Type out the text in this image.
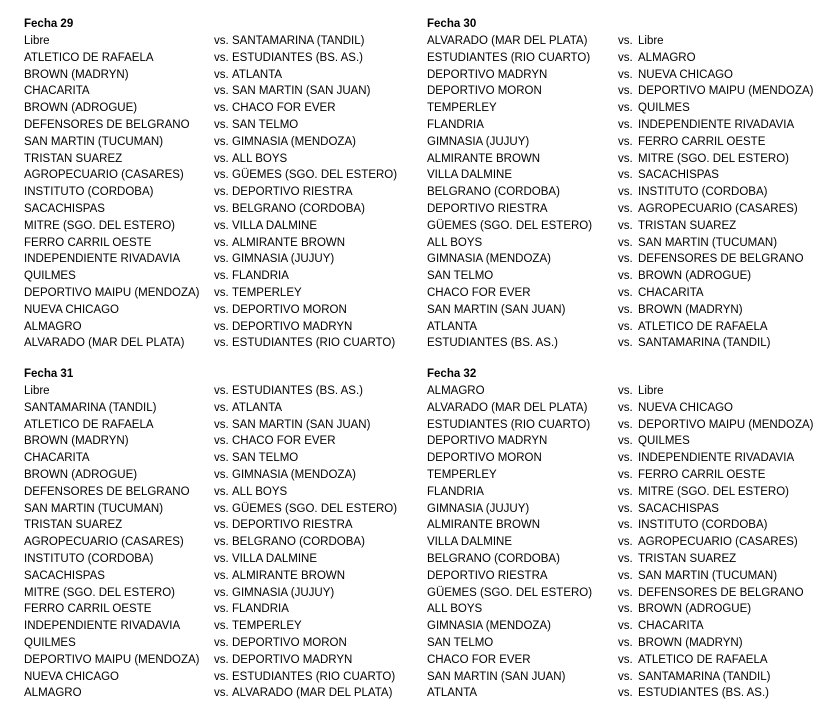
Fecha 29
Libre	vs. SANTAMARINA (TANDIL)
ATLETICO DE RAFAELA	vs. ESTUDIANTES (BS. AS.)
BROWN (MADRYN)	vs. ATLANTA
CHACARITA	vs. SAN MARTIN (SAN JUAN)
BROWN (ADROGUE)	vs. CHACO FOR EVER
DEFENSORES DE BELGRANO vs. SAN TELMO
SAN MARTIN (TUCUMAN)	vs. GIMNASIA (MENDOZA)
TRISTAN SUAREZ	vs. ALL BOYS
AGROPECUARIO (CASARES)	vs. GÜEMES (SGO. DEL ESTERO)
INSTITUTO (CORDOBA)	vs. DEPORTIVO RIESTRA
SACACHISPAS	vs. BELGRANO (CORDOBA)
MITRE (SGO. DEL ESTERO)	vs. VILLA DALMINE
FERRO CARRIL OESTE	vs. ALMIRANTE BROWN
INDEPENDIENTE RIVADAVIA	vs. GIMNASIA (JUJUY)
QUILMES	vs. FLANDRIA
DEPORTIVO MAIPU (MENDOZA) vs. TEMPERLEY
NUEVA CHICAGO	vs. DEPORTIVO MORON
ALMAGRO	vs. DEPORTIVO MADRYN
ALVARADO (MAR DEL PLATA)	vs. ESTUDIANTES (RIO CUARTO)
Fecha 30
ALVARADO (MAR DEL PLATA)	vs. Libre
ESTUDIANTES (RIO CUARTO) vs. ALMAGRO
DEPORTIVO MADRYN	vs. NUEVA CHICAGO
DEPORTIVO MORON	vs. DEPORTIVO MAIPU (MENDOZA)
TEMPERLEY	vs. QUILMES
FLANDRIA	vs. INDEPENDIENTE RIVADAVIA
GIMNASIA (JUJUY)	vs. FERRO CARRIL OESTE
ALMIRANTE BROWN	vs. MITRE (SGO. DEL ESTERO)
VILLA DALMINE	vs. SACACHISPAS
BELGRANO (CORDOBA)	vs. INSTITUTO (CORDOBA)
DEPORTIVO RIESTRA	vs. AGROPECUARIO (CASARES)
GÜEMES (SGO. DEL ESTERO) vs. TRISTAN SUAREZ
ALL BOYS	vs. SAN MARTIN (TUCUMAN)
GIMNASIA (MENDOZA)	vs. DEFENSORES DE BELGRANO
SAN TELMO	vs. BROWN (ADROGUE)
CHACO FOR EVER	vs. CHACARITA
SAN MARTIN (SAN JUAN)	vs. BROWN (MADRYN)
ATLANTA	vs. ATLETICO DE RAFAELA
ESTUDIANTES (BS. AS.)	vs. SANTAMARINA (TANDIL)
Fecha 31
Libre	vs. ESTUDIANTES (BS. AS.)
SANTAMARINA (TANDIL)	vs. ATLANTA
ATLETICO DE RAFAELA	vs. SAN MARTIN (SAN JUAN)
BROWN (MADRYN)	vs. CHACO FOR EVER
CHACARITA	vs. SAN TELMO
BROWN (ADROGUE)	vs. GIMNASIA (MENDOZA)
DEFENSORES DE BELGRANO vs. ALL BOYS
SAN MARTIN (TUCUMAN)	vs. GÜEMES (SGO. DEL ESTERO)
TRISTAN SUAREZ	vs. DEPORTIVO RIESTRA
AGROPECUARIO (CASARES)	vs. BELGRANO (CORDOBA)
INSTITUTO (CORDOBA)	vs. VILLA DALMINE
SACACHISPAS	vs. ALMIRANTE BROWN
MITRE (SGO. DEL ESTERO)	vs. GIMNASIA (JUJUY)
FERRO CARRIL OESTE	vs. FLANDRIA
INDEPENDIENTE RIVADAVIA	vs. TEMPERLEY
QUILMES	vs. DEPORTIVO MORON
DEPORTIVO MAIPU (MENDOZA) vs. DEPORTIVO MADRYN
NUEVA CHICAGO	vs. ESTUDIANTES (RIO CUARTO)
ALMAGRO	vs. ALVARADO (MAR DEL PLATA)
Fecha 32
ALMAGRO	vs. Libre
ALVARADO (MAR DEL PLATA)	vs. NUEVA CHICAGO
ESTUDIANTES (RIO CUARTO) vs. DEPORTIVO MAIPU (MENDOZA)
DEPORTIVO MADRYN	vs. QUILMES
DEPORTIVO MORON	vs. INDEPENDIENTE RIVADAVIA
TEMPERLEY	vs. FERRO CARRIL OESTE
FLANDRIA	vs. MITRE (SGO. DEL ESTERO)
GIMNASIA (JUJUY)	vs. SACACHISPAS
ALMIRANTE BROWN	vs. INSTITUTO (CORDOBA)
VILLA DALMINE	vs. AGROPECUARIO (CASARES)
BELGRANO (CORDOBA)	vs. TRISTAN SUAREZ
DEPORTIVO RIESTRA	vs. SAN MARTIN (TUCUMAN)
GÜEMES (SGO. DEL ESTERO) vs. DEFENSORES DE BELGRANO
ALL BOYS	vs. BROWN (ADROGUE)
GIMNASIA (MENDOZA)	vs. CHACARITA
SAN TELMO	vs. BROWN (MADRYN)
CHACO FOR EVER	vs. ATLETICO DE RAFAELA
SAN MARTIN (SAN JUAN)	vs. SANTAMARINA (TANDIL)
ATLANTA	vs. ESTUDIANTES (BS. AS.)
